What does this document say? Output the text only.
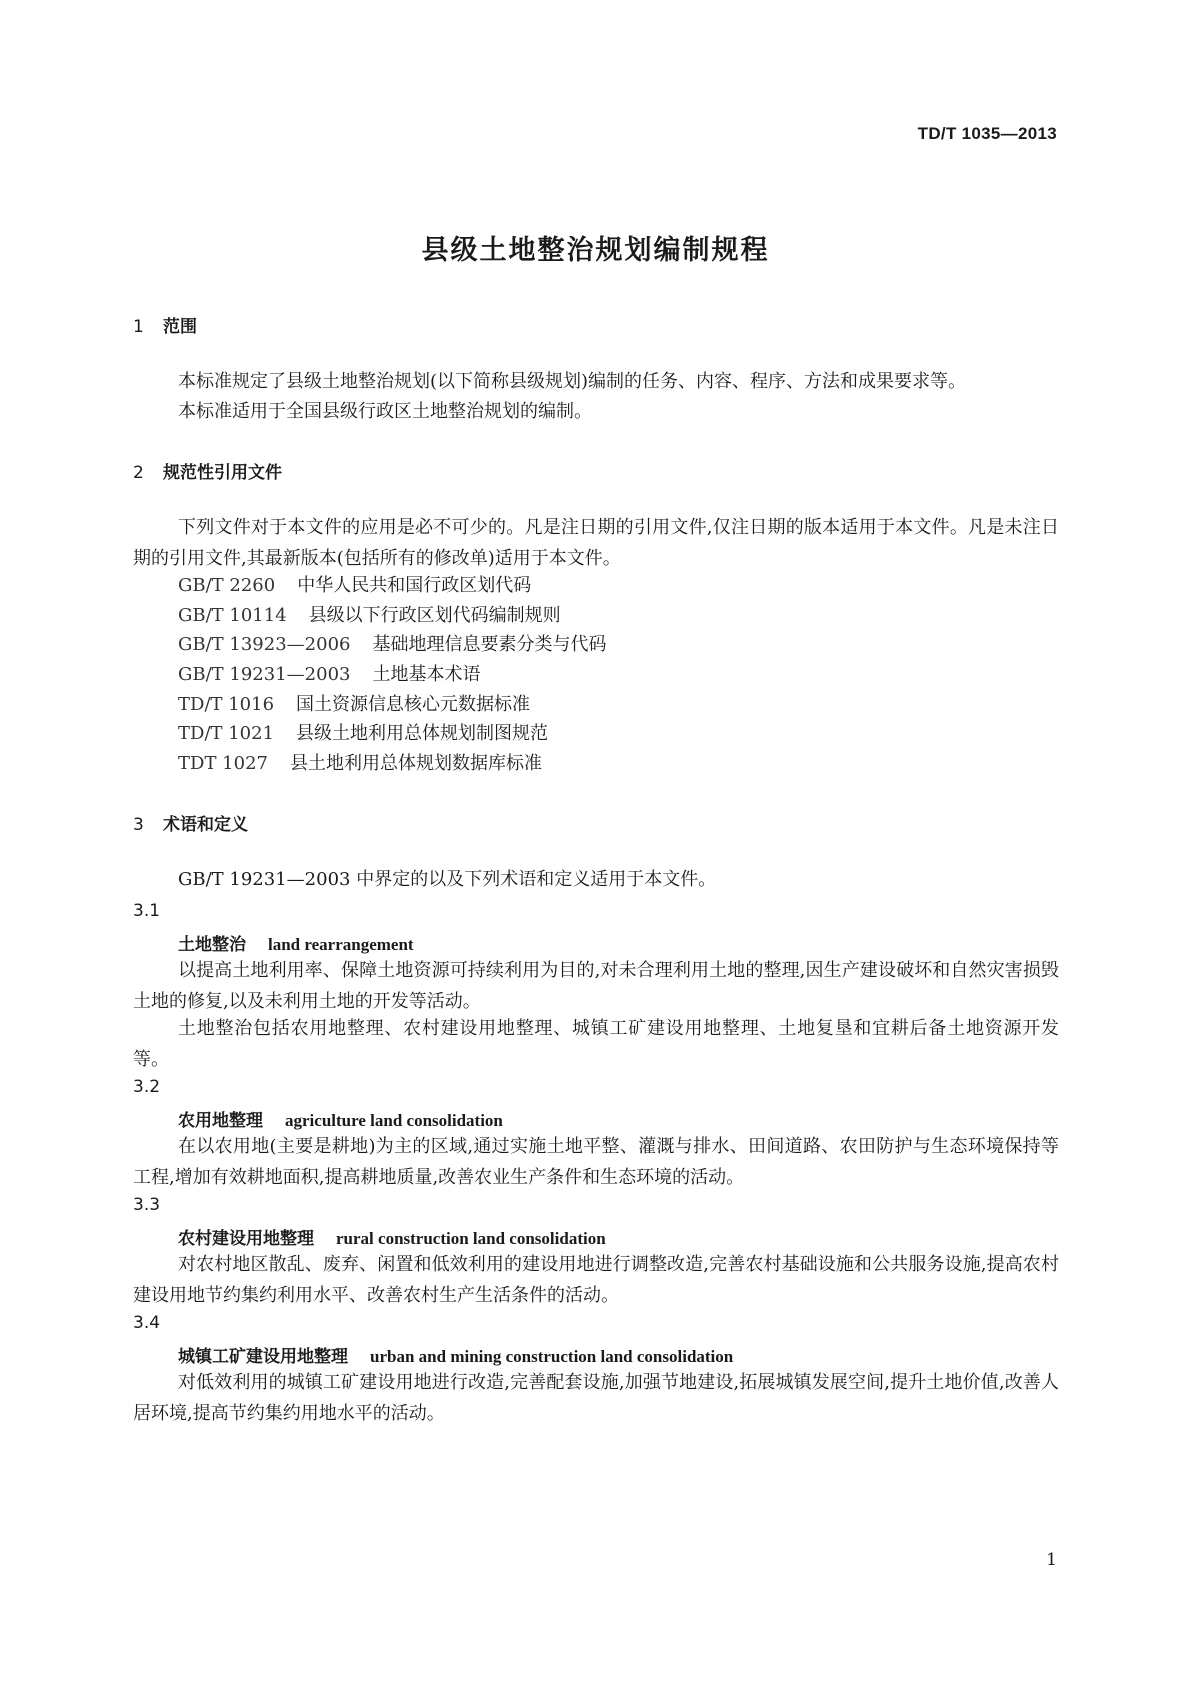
TD/T 1035—2013
县级土地整治规划编制规程
1 范围
本标准规定了县级土地整治规划(以下简称县级规划)编制的任务、内容、程序、方法和成果要求等。
本标准适用于全国县级行政区土地整治规划的编制。
2 规范性引用文件
下列文件对于本文件的应用是必不可少的。凡是注日期的引用文件,仅注日期的版本适用于本文件。凡是未注日期的引用文件,其最新版本(包括所有的修改单)适用于本文件。
GB/T 2260 中华人民共和国行政区划代码
GB/T 10114 县级以下行政区划代码编制规则
GB/T 13923—2006 基础地理信息要素分类与代码
GB/T 19231—2003 土地基本术语
TD/T 1016 国土资源信息核心元数据标准
TD/T 1021 县级土地利用总体规划制图规范
TDT 1027 县土地利用总体规划数据库标准
3 术语和定义
GB/T 19231—2003 中界定的以及下列术语和定义适用于本文件。
3.1
土地整治 land rearrangement
以提高土地利用率、保障土地资源可持续利用为目的,对未合理利用土地的整理,因生产建设破坏和自然灾害损毁土地的修复,以及未利用土地的开发等活动。
土地整治包括农用地整理、农村建设用地整理、城镇工矿建设用地整理、土地复垦和宜耕后备土地资源开发等。
3.2
农用地整理 agriculture land consolidation
在以农用地(主要是耕地)为主的区域,通过实施土地平整、灌溉与排水、田间道路、农田防护与生态环境保持等工程,增加有效耕地面积,提高耕地质量,改善农业生产条件和生态环境的活动。
3.3
农村建设用地整理 rural construction land consolidation
对农村地区散乱、废弃、闲置和低效利用的建设用地进行调整改造,完善农村基础设施和公共服务设施,提高农村建设用地节约集约利用水平、改善农村生产生活条件的活动。
3.4
城镇工矿建设用地整理 urban and mining construction land consolidation
对低效利用的城镇工矿建设用地进行改造,完善配套设施,加强节地建设,拓展城镇发展空间,提升土地价值,改善人居环境,提高节约集约用地水平的活动。
1
